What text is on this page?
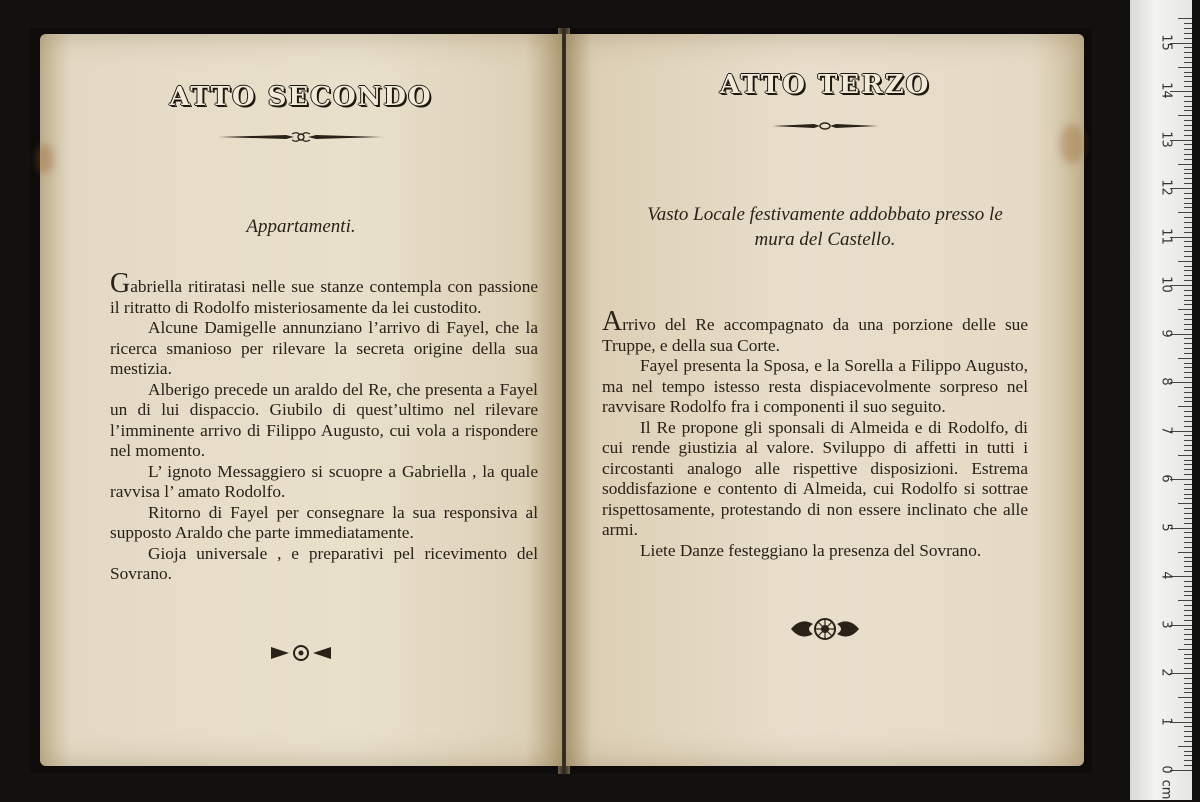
ATTO SECONDO
Appartamenti.

Gabriella ritiratasi nelle sue stanze contempla con passione il ritratto di Rodolfo misteriosamente da lei custodito.

Alcune Damigelle annunziano l’arrivo di Fayel, che la ricerca smanioso per rilevare la secreta origine della sua mestizia.

Alberigo precede un araldo del Re, che presenta a Fayel un di lui dispaccio. Giubilo di quest’ultimo nel rilevare l’imminente arrivo di Filippo Augusto, cui vola a rispondere nel momento.

L’ ignoto Messaggiero si scuopre a Gabriella , la quale ravvisa l’ amato Rodolfo.

Ritorno di Fayel per consegnare la sua responsiva al supposto Araldo che parte immediatamente.

Gioja universale , e preparativi pel ricevimento del Sovrano.

ATTO TERZO
Vasto Locale festivamente addobbato presso le
mura del Castello.

Arrivo del Re accompagnato da una porzione delle sue Truppe, e della sua Corte.

Fayel presenta la Sposa, e la Sorella a Filippo Augusto, ma nel tempo istesso resta dispiacevolmente sorpreso nel ravvisare Rodolfo fra i componenti il suo seguito.

Il Re propone gli sponsali di Almeida e di Rodolfo, di cui rende giustizia al valore. Sviluppo di affetti in tutti i circostanti analogo alle rispettive disposizioni. Estrema soddisfazione e contento di Almeida, cui Rodolfo si sottrae rispettosamente, protestando di non essere inclinato che alle armi.

Liete Danze festeggiano la presenza del Sovrano.

0
1
2
3
4
5
6
7
8
9
10
11
12
13
14
15
cm
